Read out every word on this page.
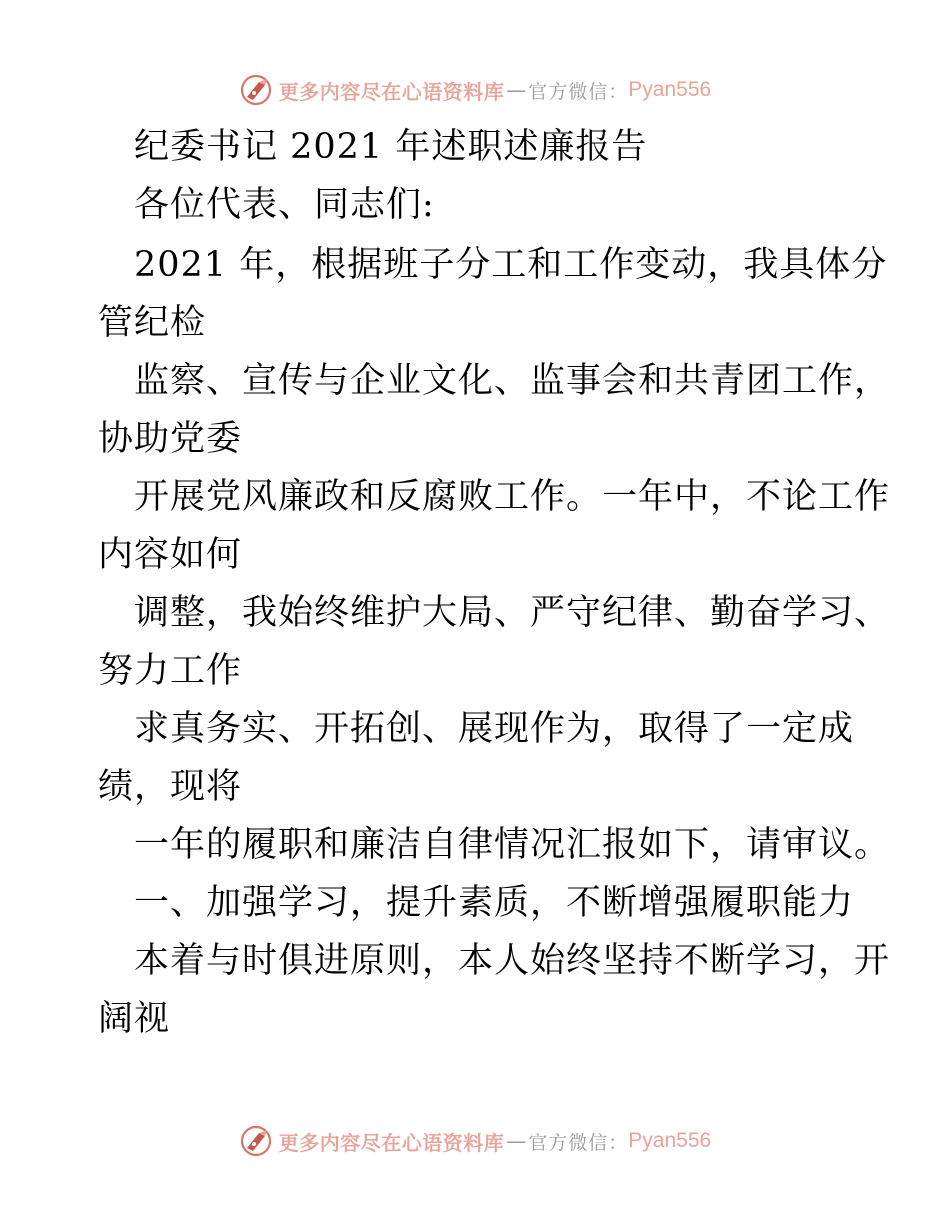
更多内容尽在心语资料库 — 官方微信： Pyan556
纪委书记 2021 年述职述廉报告
各位代表、同志们:
2021 年，根据班子分工和工作变动，我具体分
管纪检
监察、宣传与企业文化、监事会和共青团工作，
协助党委
开展党风廉政和反腐败工作。一年中，不论工作
内容如何
调整，我始终维护大局、严守纪律、勤奋学习、
努力工作
求真务实、开拓创、展现作为，取得了一定成
绩，现将
一年的履职和廉洁自律情况汇报如下，请审议。
一、加强学习，提升素质，不断增强履职能力
本着与时俱进原则，本人始终坚持不断学习，开
阔视
更多内容尽在心语资料库 — 官方微信： Pyan556
